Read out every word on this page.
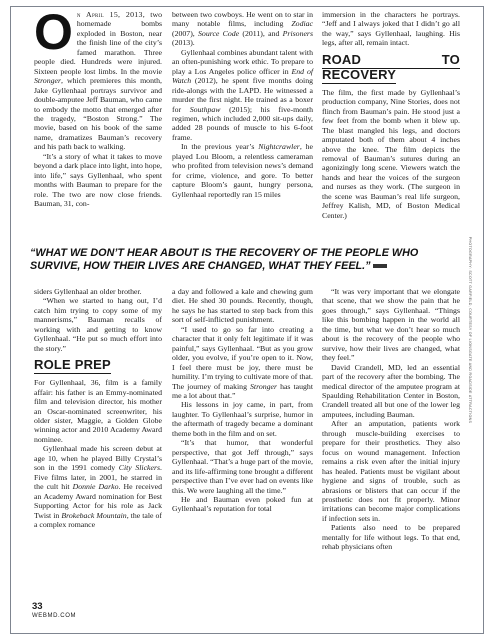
On April 15, 2013, two homemade bombs exploded in Boston, near the finish line of the city’s famed marathon. Three people died. Hundreds were injured. Sixteen people lost limbs. In the movie Stronger, which premieres this month, Jake Gyllenhaal portrays survivor and double-amputee Jeff Bauman, who came to embody the motto that emerged after the tragedy, “Boston Strong.” The movie, based on his book of the same name, dramatizes Bauman’s recovery and his path back to walking.

“It’s a story of what it takes to move beyond a dark place into light, into hope, into life,” says Gyllenhaal, who spent months with Bauman to prepare for the role. The two are now close friends. Bauman, 31, con-

between two cowboys. He went on to star in many notable films, including Zodiac (2007), Source Code (2011), and Prisoners (2013).

Gyllenhaal combines abundant talent with an often-punishing work ethic. To prepare to play a Los Angeles police officer in End of Watch (2012), he spent five months doing ride-alongs with the LAPD. He witnessed a murder the first night. He trained as a boxer for Southpaw (2015); his five-month regimen, which included 2,000 sit-ups daily, added 28 pounds of muscle to his 6-foot frame.

In the previous year’s Nightcrawler, he played Lou Bloom, a relentless cameraman who profited from television news’s demand for crime, violence, and gore. To better capture Bloom’s gaunt, hungry persona, Gyllenhaal reportedly ran 15 miles

immersion in the characters he portrays. “Jeff and I always joked that I didn’t go all the way,” says Gyllenhaal, laughing. His legs, after all, remain intact.

ROAD TO RECOVERY

The film, the first made by Gyllenhaal’s production company, Nine Stories, does not flinch from Bauman’s pain. He stood just a few feet from the bomb when it blew up. The blast mangled his legs, and doctors amputated both of them about 4 inches above the knee. The film depicts the removal of Bauman’s sutures during an agonizingly long scene. Viewers watch the hands and hear the voices of the surgeon and nurses as they work. (The surgeon in the scene was Bauman’s real life surgeon, Jeffrey Kalish, MD, of Boston Medical Center.)

“WHAT WE DON’T HEAR ABOUT IS THE RECOVERY OF THE PEOPLE WHO SURVIVE, HOW THEIR LIVES ARE CHANGED, WHAT THEY FEEL.”

siders Gyllenhaal an older brother.

“When we started to hang out, I’d catch him trying to copy some of my mannerisms,” Bauman recalls of working with and getting to know Gyllenhaal. “He put so much effort into the story.”

ROLE PREP

For Gyllenhaal, 36, film is a family affair: his father is an Emmy-nominated film and television director, his mother an Oscar-nominated screenwriter, his older sister, Maggie, a Golden Globe winning actor and 2010 Academy Award nominee.

Gyllenhaal made his screen debut at age 10, when he played Billy Crystal’s son in the 1991 comedy City Slickers. Five films later, in 2001, he starred in the cult hit Donnie Darko. He received an Academy Award nomination for Best Supporting Actor for his role as Jack Twist in Brokeback Mountain, the tale of a complex romance

a day and followed a kale and chewing gum diet. He shed 30 pounds. Recently, though, he says he has started to step back from this sort of self-inflicted punishment.

“I used to go so far into creating a character that it only felt legitimate if it was painful,” says Gyllenhaal. “But as you grow older, you evolve, if you’re open to it. Now, I feel there must be joy, there must be humility. I’m trying to cultivate more of that. The journey of making Stronger has taught me a lot about that.”

His lessons in joy came, in part, from laughter. To Gyllenhaal’s surprise, humor in the aftermath of tragedy became a dominant theme both in the film and on set.

“It’s that humor, that wonderful perspective, that got Jeff through,” says Gyllenhaal. “That’s a huge part of the movie, and its life-affirming tone brought a different perspective than I’ve ever had on events like this. We were laughing all the time.”

He and Bauman even poked fun at Gyllenhaal’s reputation for total

“It was very important that we elongate that scene, that we show the pain that he goes through,” says Gyllenhaal. “Things like this bombing happen in the world all the time, but what we don’t hear so much about is the recovery of the people who survive, how their lives are changed, what they feel.”

David Crandell, MD, led an essential part of the recovery after the bombing. The medical director of the amputee program at Spaulding Rehabilitation Center in Boston, Crandell treated all but one of the lower leg amputees, including Bauman.

After an amputation, patients work through muscle-building exercises to prepare for their prosthetics. They also focus on wound management. Infection remains a risk even after the initial injury has healed. Patients must be vigilant about hygiene and signs of trouble, such as abrasions or blisters that can occur if the prosthetic does not fit properly. Minor irritations can become major complications if infection sets in.

Patients also need to be prepared mentally for life without legs. To that end, rehab physicians often

33
WEBMD.COM
PHOTOGRAPHY: SCOTT GARFIELD, COURTESY OF LIONSGATE AND ROADSIDE ATTRACTIONS
